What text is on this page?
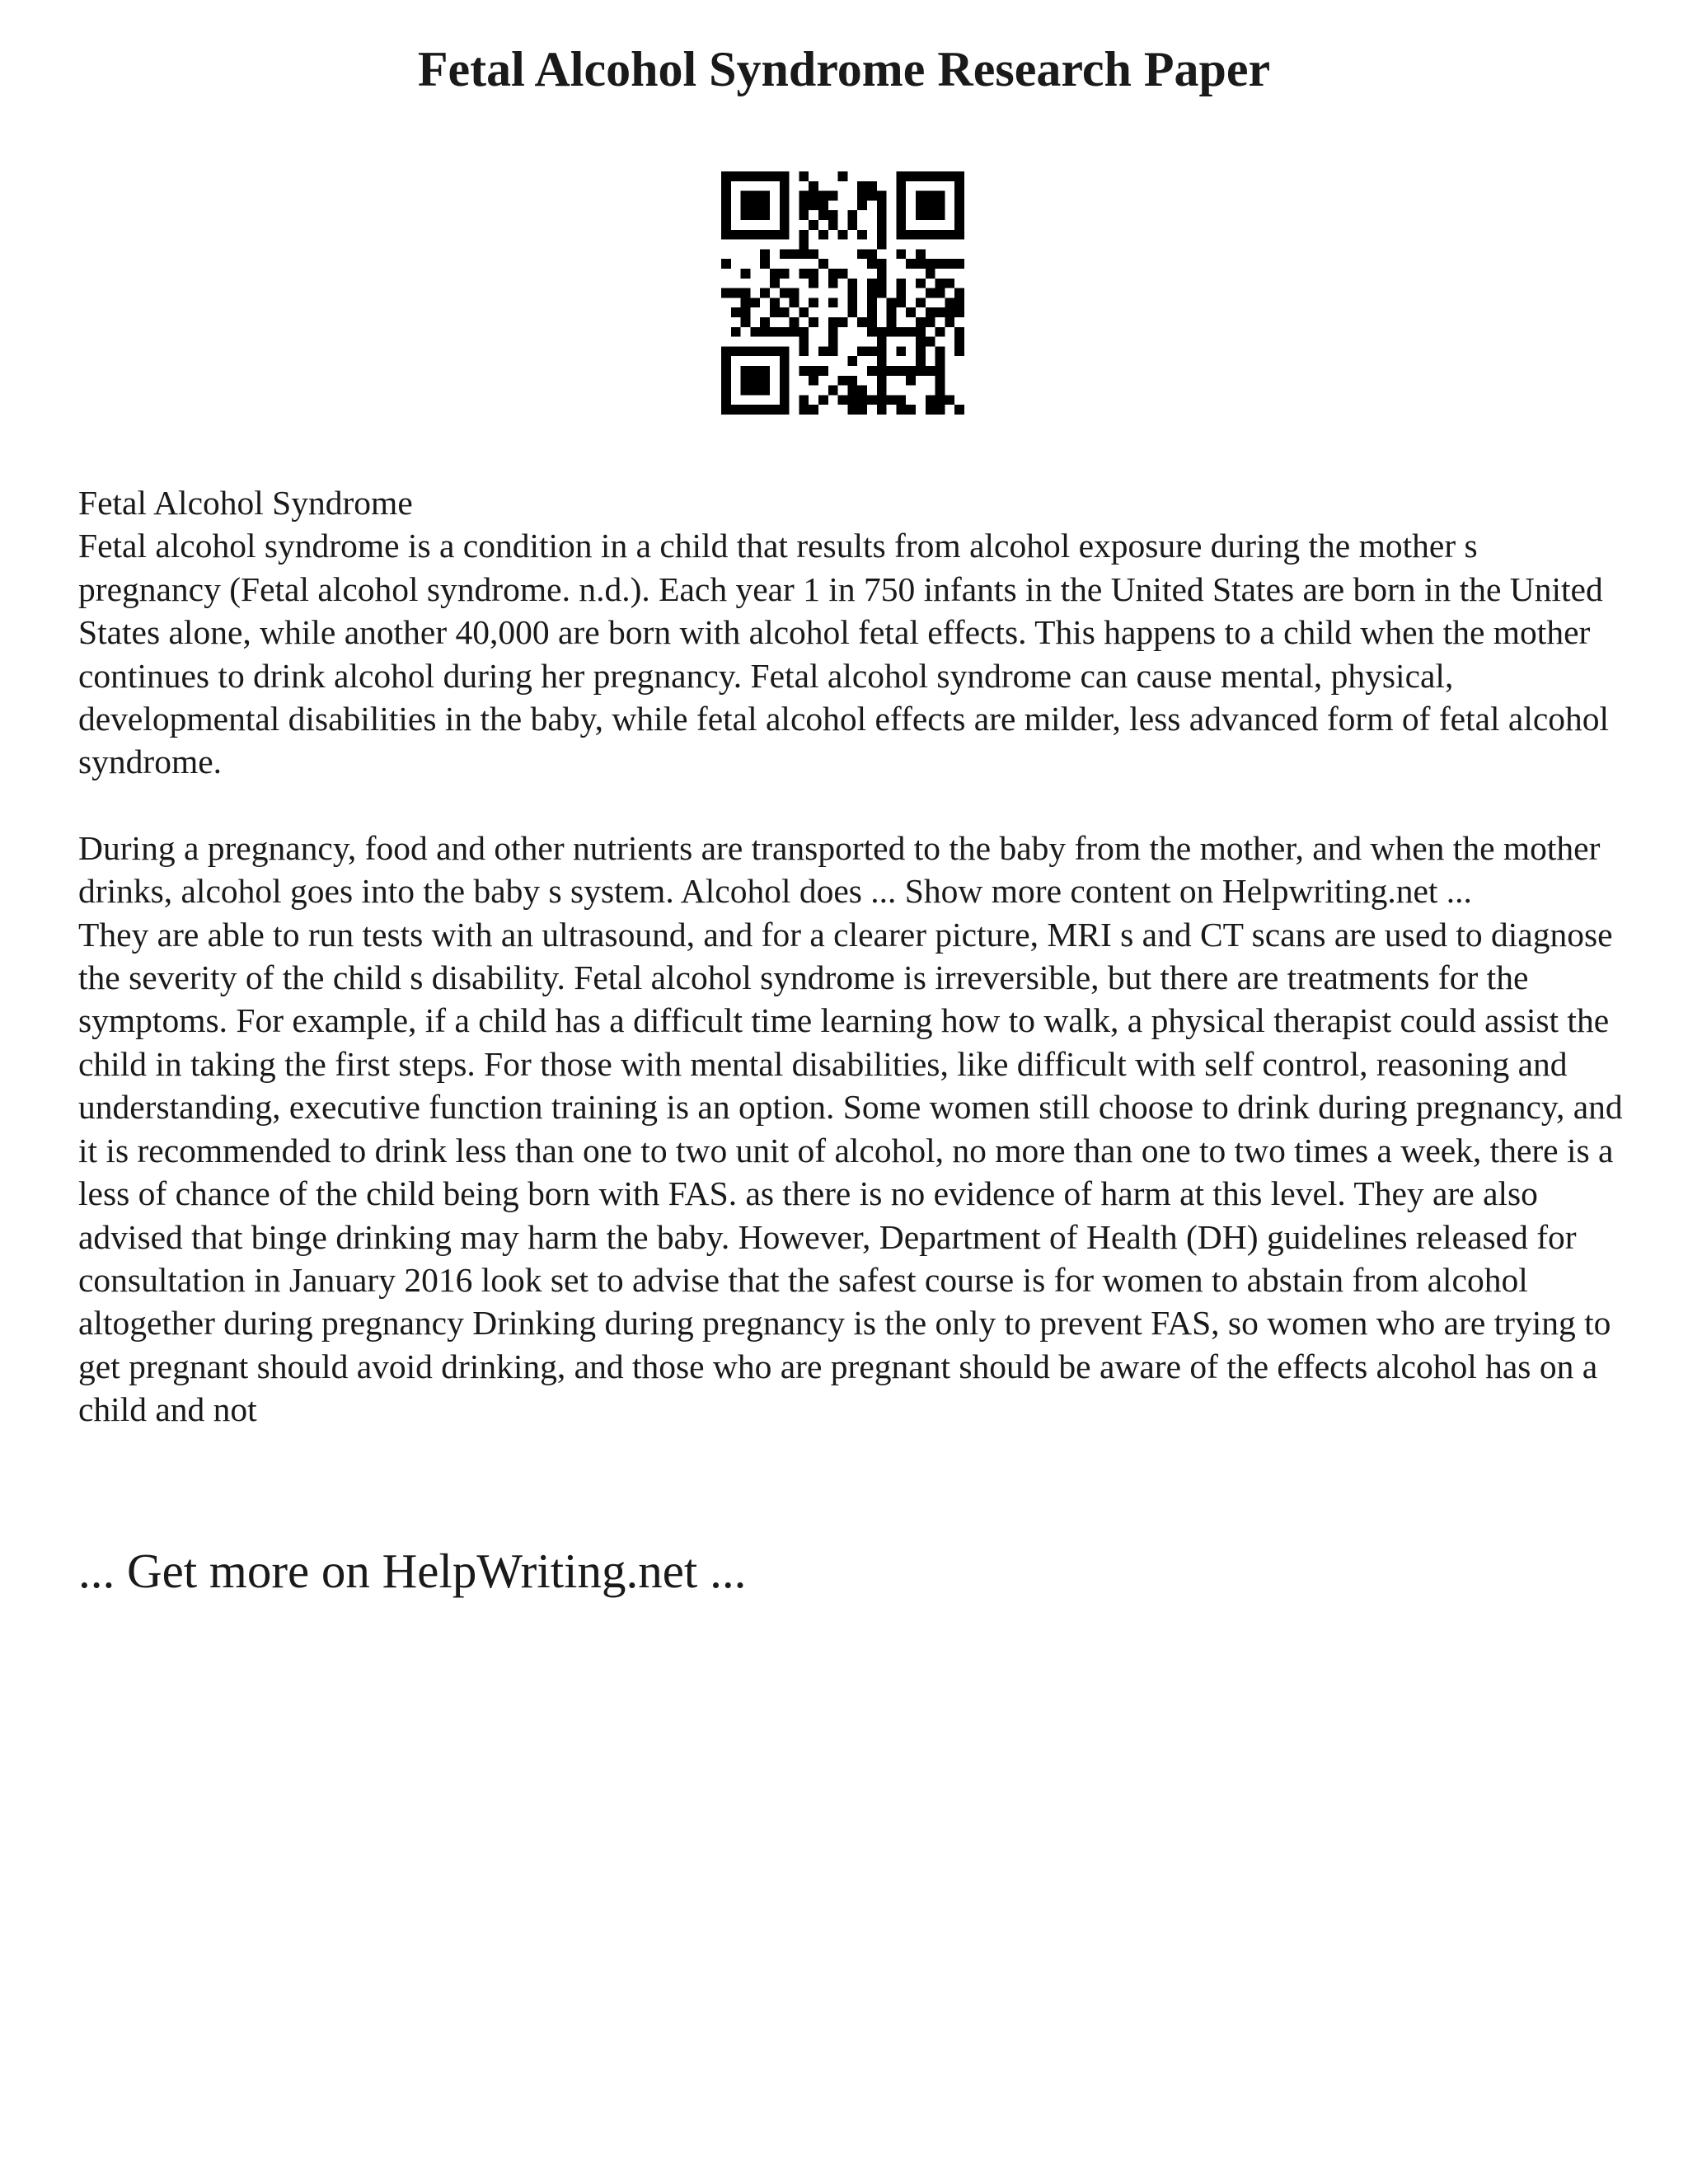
Fetal Alcohol Syndrome Research Paper

Fetal Alcohol Syndrome

Fetal alcohol syndrome is a condition in a child that results from alcohol exposure during the mother s pregnancy (Fetal alcohol syndrome. n.d.). Each year 1 in 750 infants in the United States are born in the United States alone, while another 40,000 are born with alcohol fetal effects. This happens to a child when the mother continues to drink alcohol during her pregnancy. Fetal alcohol syndrome can cause mental, physical, developmental disabilities in the baby, while fetal alcohol effects are milder, less advanced form of fetal alcohol syndrome.

During a pregnancy, food and other nutrients are transported to the baby from the mother, and when the mother drinks, alcohol goes into the baby s system. Alcohol does ... Show more content on Helpwriting.net ...

They are able to run tests with an ultrasound, and for a clearer picture, MRI s and CT scans are used to diagnose the severity of the child s disability. Fetal alcohol syndrome is irreversible, but there are treatments for the symptoms. For example, if a child has a difficult time learning how to walk, a physical therapist could assist the child in taking the first steps. For those with mental disabilities, like difficult with self control, reasoning and understanding, executive function training is an option. Some women still choose to drink during pregnancy, and it is recommended to drink less than one to two unit of alcohol, no more than one to two times a week, there is a less of chance of the child being born with FAS. as there is no evidence of harm at this level. They are also advised that binge drinking may harm the baby. However, Department of Health (DH) guidelines released for consultation in January 2016 look set to advise that the safest course is for women to abstain from alcohol altogether during pregnancy Drinking during pregnancy is the only to prevent FAS, so women who are trying to get pregnant should avoid drinking, and those who are pregnant should be aware of the effects alcohol has on a child and not

... Get more on HelpWriting.net ...
